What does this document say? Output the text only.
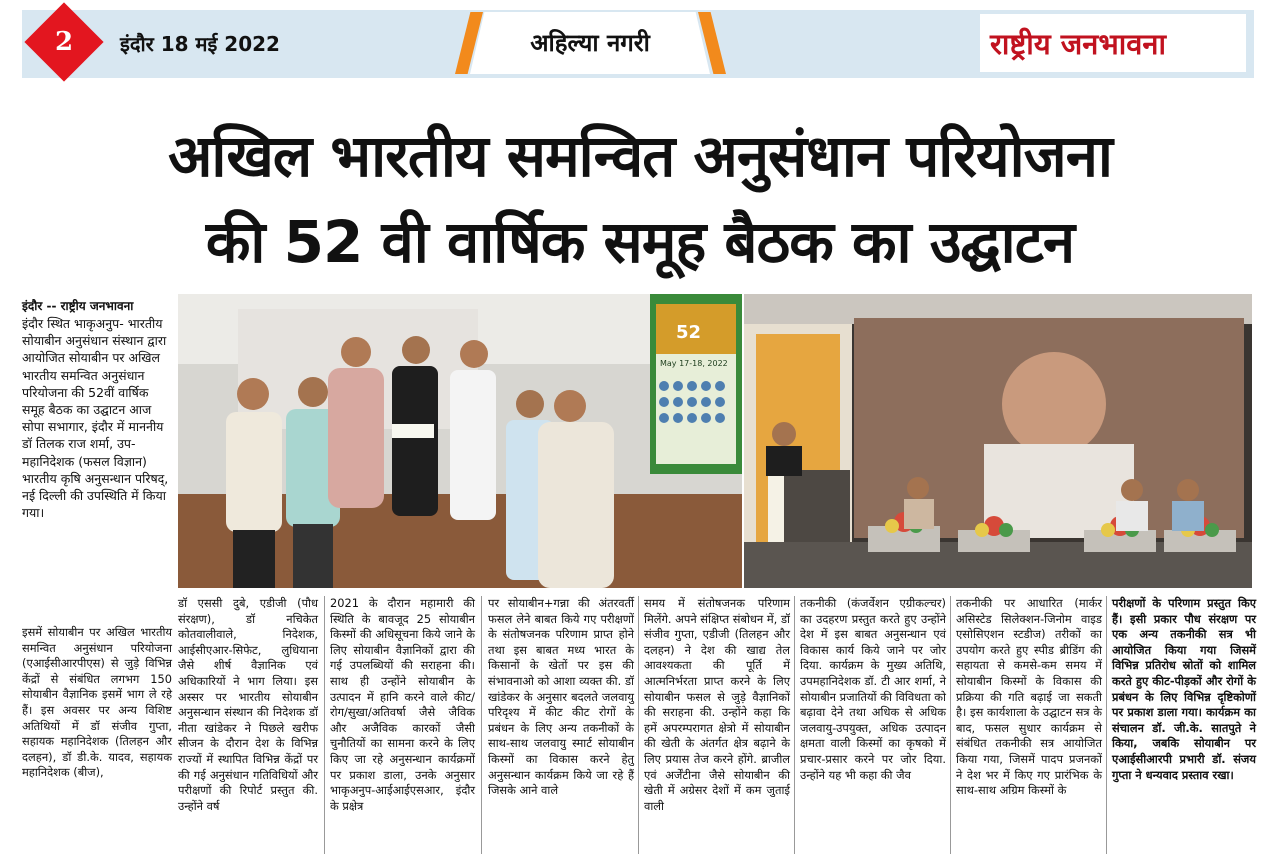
2	इंदौर 18 मई 2022	अहिल्या नगरी	राष्ट्रीय जनभावना
अखिल भारतीय समन्वित अनुसंधान परियोजना
की 52 वी वार्षिक समूह बैठक का उद्घाटन
इंदौर -- राष्ट्रीय जनभावना
इंदौर स्थित भाकृअनुप- भारतीय सोयाबीन अनुसंधान संस्थान द्वारा आयोजित सोयाबीन पर अखिल भारतीय समन्वित अनुसंधान परियोजना की 52वीं वार्षिक समूह बैठक का उद्घाटन आज सोपा सभागार, इंदौर में माननीय डॉ तिलक राज शर्मा, उप-महानिदेशक (फसल विज्ञान) भारतीय कृषि अनुसन्धान परिषद्, नई दिल्ली की उपस्थिति में किया गया।
52
May 17-18, 2022
इसमें सोयाबीन पर अखिल भारतीय समन्वित अनुसंधान परियोजना (एआईसीआरपीएस) से जुड़े विभिन्न केंद्रों से संबंधित लगभग 150 सोयाबीन वैज्ञानिक इसमें भाग ले रहे हैं। इस अवसर पर अन्य विशिष्ट अतिथियों में डॉ संजीव गुप्ता, सहायक महानिदेशक (तिलहन और दलहन), डॉ डी.के. यादव, सहायक महानिदेशक (बीज),
डॉ एससी दुबे, एडीजी (पौध संरक्षण), डॉ नचिकेत कोतवालीवाले, निदेशक, आईसीएआर-सिफेट, लुधियाना जैसे शीर्ष वैज्ञानिक एवं अधिकारियों ने भाग लिया। इस अस्सर पर भारतीय सोयाबीन अनुसन्धान संस्थान की निदेशक डॉ नीता खांडेकर ने पिछले खरीफ सीजन के दौरान देश के विभिन्न राज्यों में स्थापित विभिन्न केंद्रों पर की गई अनुसंधान गतिविधियों और परीक्षणों की रिपोर्ट प्रस्तुत की. उन्होंने वर्ष
2021 के दौरान महामारी की स्थिति के बावजूद 25 सोयाबीन किस्मों की अधिसूचना किये जाने के लिए सोयाबीन वैज्ञानिकों द्वारा की गई उपलब्धियों की सराहना की। साथ ही उन्होंने सोयाबीन के उत्पादन में हानि करने वाले कीट/रोग/सुखा/अतिवर्षा जैसे जैविक और अजैविक कारकों जैसी चुनौतियों का सामना करने के लिए किए जा रहे अनुसन्धान कार्यक्रमों पर प्रकाश डाला, उनके अनुसार भाकृअनुप-आईआईएसआर, इंदौर के प्रक्षेत्र
पर सोयाबीन+गन्ना की अंतरवर्ती फसल लेने बाबत किये गए परीक्षणों के संतोषजनक परिणाम प्राप्त होने तथा इस बाबत मध्य भारत के किसानों के खेतों पर इस की संभावनाओ को आशा व्यक्त की. डॉ खांडेकर के अनुसार बदलते जलवायु परिदृश्य में कीट कीट रोगों के प्रबंधन के लिए अन्य तकनीकों के साथ-साथ जलवायु स्मार्ट सोयाबीन किस्मों का विकास करने हेतु अनुसन्धान कार्यक्रम किये जा रहे हैं जिसके आने वाले
समय में संतोषजनक परिणाम मिलेंगे. अपने संक्षिप्त संबोधन में, डॉ संजीव गुप्ता, एडीजी (तिलहन और दलहन) ने देश की खाद्य तेल आवश्यकता की पूर्ति में आत्मनिर्भरता प्राप्त करने के लिए सोयाबीन फसल से जुड़े वैज्ञानिकों की सराहना की. उन्होंने कहा कि हमें अपरम्परागत क्षेत्रो में सोयाबीन की खेती के अंतर्गत क्षेत्र बढ़ाने के लिए प्रयास तेज करने होंगे. ब्राजील एवं अर्जेंटीना जैसे सोयाबीन की खेती में अग्रेसर देशों में कम जुताई वाली
तकनीकी (कंजर्वेशन एग्रीकल्चर) का उदहरण प्रस्तुत करते हुए उन्होंने देश में इस बाबत अनुसन्धान एवं विकास कार्य किये जाने पर जोर दिया. कार्यक्रम के मुख्य अतिथि, उपमहानिदेशक डॉ. टी आर शर्मा, ने सोयाबीन प्रजातियों की विविधता को बढ़ावा देने तथा अधिक से अधिक जलवायु-उपयुक्त, अधिक उत्पादन क्षमता वाली किस्मों का कृषको में प्रचार-प्रसार करने पर जोर दिया. उन्होंने यह भी कहा की जैव
तकनीकी पर आधारित (मार्कर असिस्टेड सिलेक्शन-जिनोम वाइड एसोसिएशन स्टडीज) तरीकों का उपयोग करते हुए स्पीड ब्रीडिंग की सहायता से कमसे-कम समय में सोयाबीन किस्मों के विकास की प्रक्रिया की गति बढ़ाई जा सकती है। इस कार्यशाला के उद्घाटन सत्र के बाद, फसल सुधार कार्यक्रम से संबंधित तकनीकी सत्र आयोजित किया गया, जिसमें पादप प्रजनकों ने देश भर में किए गए प्रारंभिक के साथ-साथ अग्रिम किस्मों के
परीक्षणों के परिणाम प्रस्तुत किए हैं। इसी प्रकार पौध संरक्षण पर एक अन्य तकनीकी सत्र भी आयोजित किया गया जिसमें विभिन्न प्रतिरोध स्रोतों को शामिल करते हुए कीट-पीड़कों और रोगों के प्रबंधन के लिए विभिन्न दृष्टिकोणों पर प्रकाश डाला गया। कार्यक्रम का संचालन डॉ. जी.के. सातपुते ने किया, जबकि सोयाबीन पर एआईसीआरपी प्रभारी डॉ. संजय गुप्ता ने धन्यवाद प्रस्ताव रखा।
